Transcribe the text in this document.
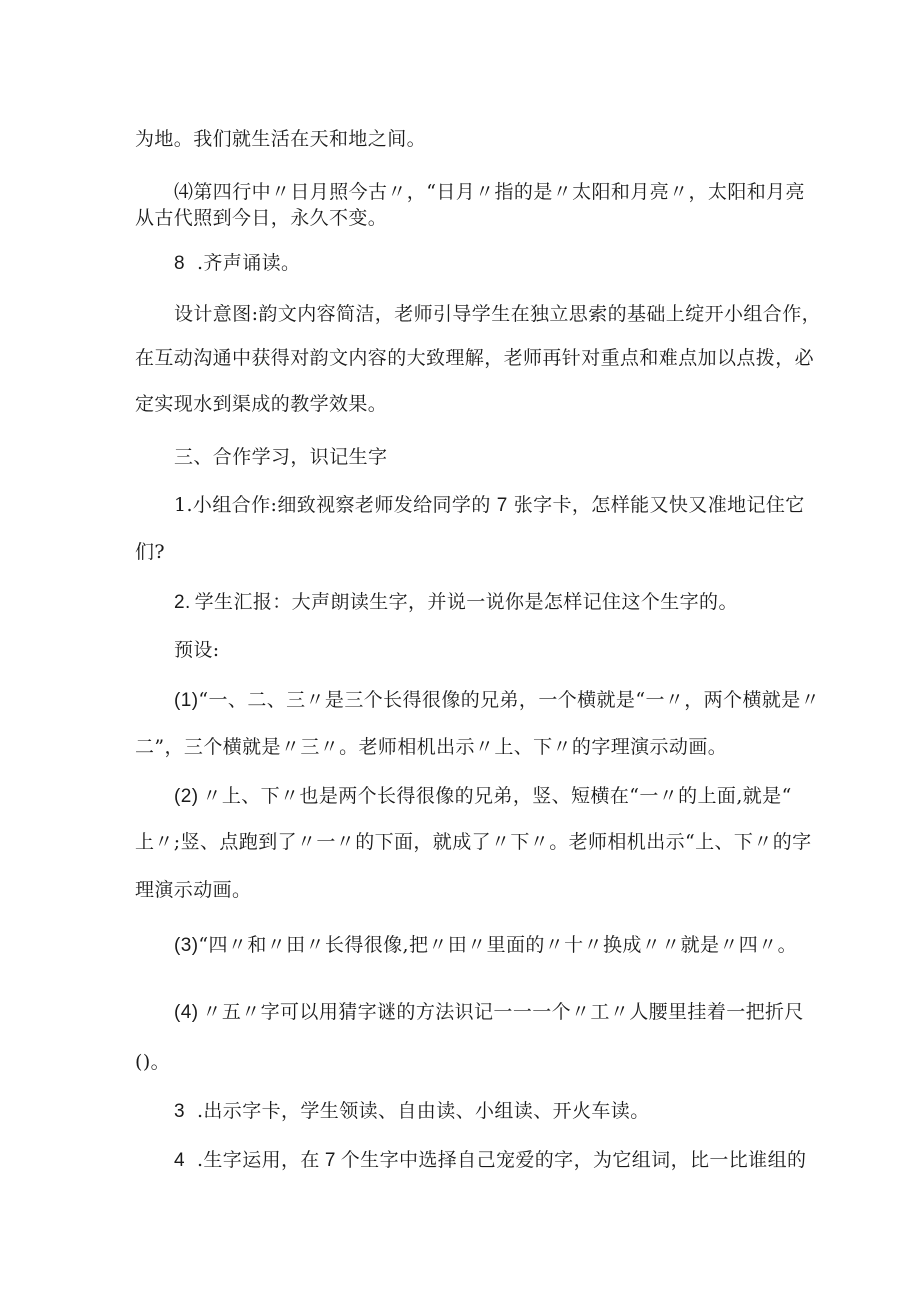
为地。我们就生活在天和地之间。
⑷第四行中〃日月照今古〃，“日月〃指的是〃太阳和月亮〃，太阳和月亮
从古代照到今日，永久不变。
8 .齐声诵读。
设计意图:韵文内容简洁，老师引导学生在独立思索的基础上绽开小组合作，
在互动沟通中获得对韵文内容的大致理解，老师再针对重点和难点加以点拨，必
定实现水到渠成的教学效果。
三、合作学习，识记生字
1.小组合作:细致视察老师发给同学的 7 张字卡，怎样能又快又准地记住它
们?
2. 学生汇报：大声朗读生字，并说一说你是怎样记住这个生字的。
预设:
(1)“一、二、三〃是三个长得很像的兄弟，一个横就是“一〃，两个横就是〃
二”，三个横就是〃三〃。老师相机出示〃上、下〃的字理演示动画。
(2) 〃上、下〃也是两个长得很像的兄弟，竖、短横在“一〃的上面,就是“
上〃;竖、点跑到了〃一〃的下面，就成了〃下〃。老师相机出示“上、下〃的字
理演示动画。
(3)“四〃和〃田〃长得很像,把〃田〃里面的〃十〃换成〃〃就是〃四〃。
(4) 〃五〃字可以用猜字谜的方法识记一一一个〃工〃人腰里挂着一把折尺
()。
3 .出示字卡，学生领读、自由读、小组读、开火车读。
4 .生字运用，在 7 个生字中选择自己宠爱的字，为它组词，比一比谁组的
